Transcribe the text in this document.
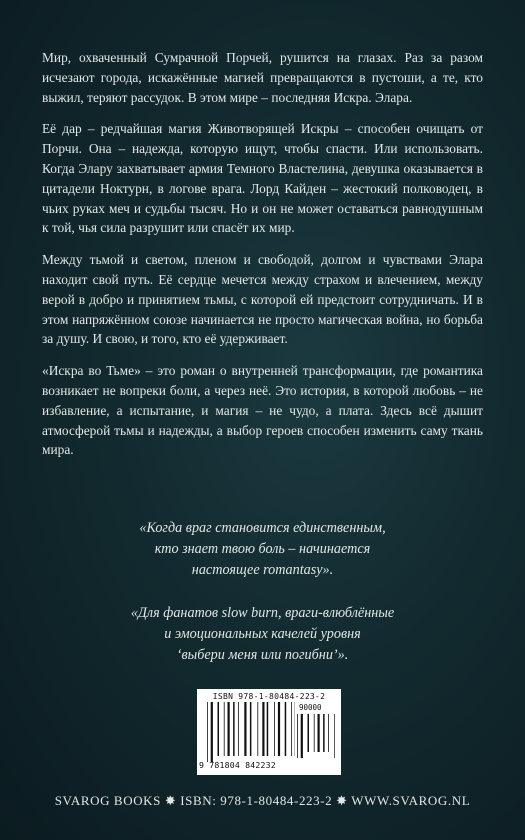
Мир, охваченный Сумрачной Порчей, рушится на глазах. Раз за разом исчезают города, искажённые магией превращаются в пустоши, а те, кто выжил, теряют рассудок. В этом мире – последняя Искра. Элара.

Её дар – редчайшая магия Животворящей Искры – способен очищать от Порчи. Она – надежда, которую ищут, чтобы спасти. Или использовать. Когда Элару захватывает армия Темного Властелина, девушка оказывается в цитадели Ноктурн, в логове врага. Лорд Кайден – жестокий полководец, в чьих руках меч и судьбы тысяч. Но и он не может оставаться равнодушным к той, чья сила разрушит или спасёт их мир.

Между тьмой и светом, пленом и свободой, долгом и чувствами Элара находит свой путь. Её сердце мечется между страхом и влечением, между верой в добро и принятием тьмы, с которой ей предстоит сотрудничать. И в этом напряжённом союзе начинается не просто магическая война, но борьба за душу. И свою, и того, кто её удерживает.

«Искра во Тьме» – это роман о внутренней трансформации, где романтика возникает не вопреки боли, а через неё. Это история, в которой любовь – не избавление, а испытание, и магия – не чудо, а плата. Здесь всё дышит атмосферой тьмы и надежды, а выбор героев способен изменить саму ткань мира.

«Когда враг становится единственным,
кто знает твою боль – начинается
настоящее romantasy».

«Для фанатов slow burn, враги-влюблённые
и эмоциональных качелей уровня
‘выбери меня или погибни’».

ISBN 978-1-80484-223-2
90000
9 781804 842232
SVAROG BOOKS ✸ ISBN: 978-1-80484-223-2 ✸ WWW.SVAROG.NL
